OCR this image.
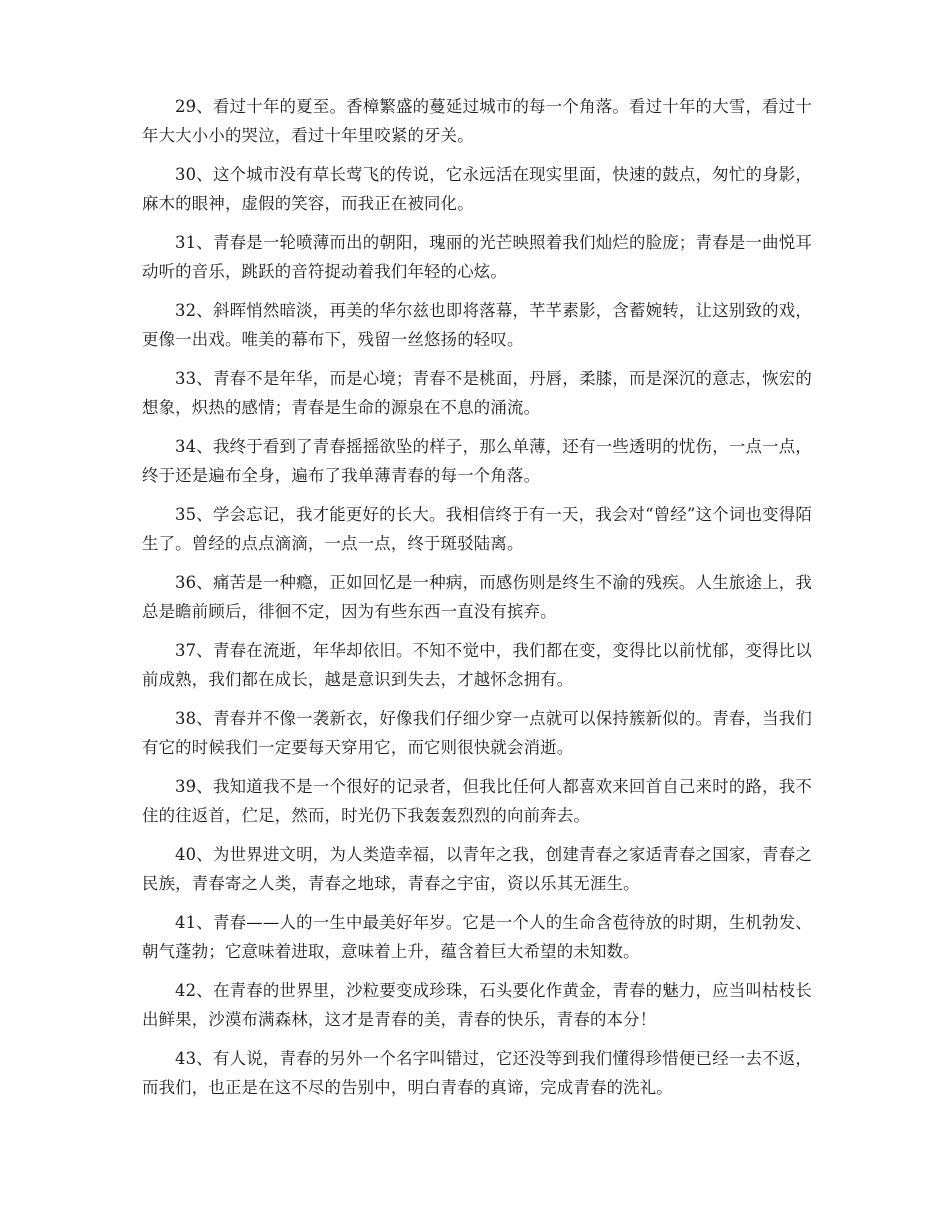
29、看过十年的夏至。香樟繁盛的蔓延过城市的每一个角落。看过十年的大雪，看过十年大大小小的哭泣，看过十年里咬紧的牙关。

30、这个城市没有草长莺飞的传说，它永远活在现实里面，快速的鼓点，匆忙的身影，麻木的眼神，虚假的笑容，而我正在被同化。

31、青春是一轮喷薄而出的朝阳，瑰丽的光芒映照着我们灿烂的脸庞；青春是一曲悦耳动听的音乐，跳跃的音符捉动着我们年轻的心炫。

32、斜晖悄然暗淡，再美的华尔兹也即将落幕，芊芊素影，含蓄婉转，让这别致的戏，更像一出戏。唯美的幕布下，残留一丝悠扬的轻叹。

33、青春不是年华，而是心境；青春不是桃面，丹唇，柔膝，而是深沉的意志，恢宏的想象，炽热的感情；青春是生命的源泉在不息的涌流。

34、我终于看到了青春摇摇欲坠的样子，那么单薄，还有一些透明的忧伤，一点一点，终于还是遍布全身，遍布了我单薄青春的每一个角落。

35、学会忘记，我才能更好的长大。我相信终于有一天，我会对“曾经”这个词也变得陌生了。曾经的点点滴滴，一点一点，终于斑驳陆离。

36、痛苦是一种瘾，正如回忆是一种病，而感伤则是终生不渝的残疾。人生旅途上，我总是瞻前顾后，徘徊不定，因为有些东西一直没有摈弃。

37、青春在流逝，年华却依旧。不知不觉中，我们都在变，变得比以前忧郁，变得比以前成熟，我们都在成长，越是意识到失去，才越怀念拥有。

38、青春并不像一袭新衣，好像我们仔细少穿一点就可以保持簇新似的。青春，当我们有它的时候我们一定要每天穿用它，而它则很快就会消逝。

39、我知道我不是一个很好的记录者，但我比任何人都喜欢来回首自己来时的路，我不住的往返首，伫足，然而，时光仍下我轰轰烈烈的向前奔去。

40、为世界进文明，为人类造幸福，以青年之我，创建青春之家适青春之国家，青春之民族，青春寄之人类，青春之地球，青春之宇宙，资以乐其无涯生。

41、青春——人的一生中最美好年岁。它是一个人的生命含苞待放的时期，生机勃发、朝气蓬勃；它意味着进取，意味着上升，蕴含着巨大希望的未知数。

42、在青春的世界里，沙粒要变成珍珠，石头要化作黄金，青春的魅力，应当叫枯枝长出鲜果，沙漠布满森林，这才是青春的美，青春的快乐，青春的本分！

43、有人说，青春的另外一个名字叫错过，它还没等到我们懂得珍惜便已经一去不返，而我们，也正是在这不尽的告别中，明白青春的真谛，完成青春的洗礼。
